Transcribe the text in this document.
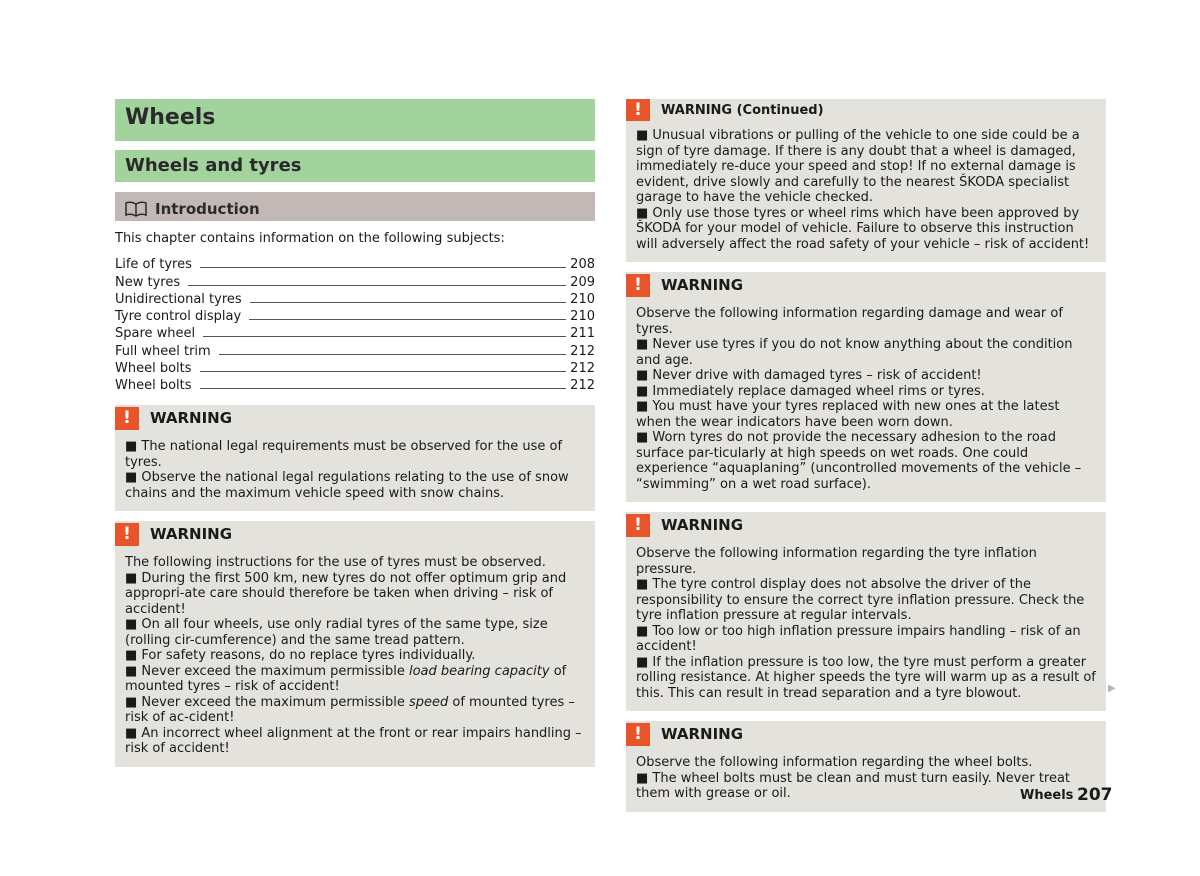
Wheels
Wheels and tyres
Introduction
This chapter contains information on the following subjects:
Life of tyres	208
New tyres	209
Unidirectional tyres	210
Tyre control display	210
Spare wheel	211
Full wheel trim	212
Wheel bolts	212
Wheel bolts	212
!	WARNING

■ The national legal requirements must be observed for the use of tyres.

■ Observe the national legal regulations relating to the use of snow chains and the maximum vehicle speed with snow chains.

!	WARNING

The following instructions for the use of tyres must be observed.

■ During the first 500 km, new tyres do not offer optimum grip and appropri-ate care should therefore be taken when driving – risk of accident!

■ On all four wheels, use only radial tyres of the same type, size (rolling cir-cumference) and the same tread pattern.

■ For safety reasons, do no replace tyres individually.

■ Never exceed the maximum permissible load bearing capacity of mounted tyres – risk of accident!

■ Never exceed the maximum permissible speed of mounted tyres – risk of ac-cident!

■ An incorrect wheel alignment at the front or rear impairs handling – risk of accident!

!	WARNING (Continued)

■ Unusual vibrations or pulling of the vehicle to one side could be a sign of tyre damage. If there is any doubt that a wheel is damaged, immediately re-duce your speed and stop! If no external damage is evident, drive slowly and carefully to the nearest ŠKODA specialist garage to have the vehicle checked.

■ Only use those tyres or wheel rims which have been approved by ŠKODA for your model of vehicle. Failure to observe this instruction will adversely affect the road safety of your vehicle – risk of accident!

!	WARNING

Observe the following information regarding damage and wear of tyres.

■ Never use tyres if you do not know anything about the condition and age.

■ Never drive with damaged tyres – risk of accident!

■ Immediately replace damaged wheel rims or tyres.

■ You must have your tyres replaced with new ones at the latest when the wear indicators have been worn down.

■ Worn tyres do not provide the necessary adhesion to the road surface par-ticularly at high speeds on wet roads. One could experience “aquaplaning” (uncontrolled movements of the vehicle – “swimming” on a wet road surface).

!	WARNING

Observe the following information regarding the tyre inflation pressure.

■ The tyre control display does not absolve the driver of the responsibility to ensure the correct tyre inflation pressure. Check the tyre inflation pressure at regular intervals.

■ Too low or too high inflation pressure impairs handling – risk of an accident!

■ If the inflation pressure is too low, the tyre must perform a greater rolling resistance. At higher speeds the tyre will warm up as a result of this. This can result in tread separation and a tyre blowout.

!	WARNING

Observe the following information regarding the wheel bolts.

■ The wheel bolts must be clean and must turn easily. Never treat them with grease or oil.

▶
Wheels 207
